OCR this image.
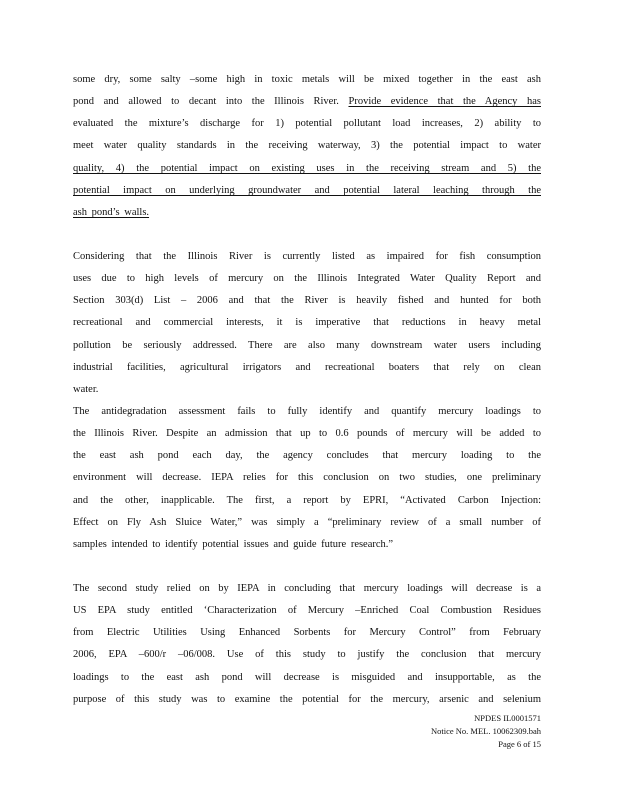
some dry, some salty –some high in toxic metals will be mixed together in the east ash
pond and allowed to decant into the Illinois River. Provide evidence that the Agency has
evaluated the mixture’s discharge for 1) potential pollutant load increases, 2) ability to
meet water quality standards in the receiving waterway, 3) the potential impact to water
quality, 4) the potential impact on existing uses in the receiving stream and 5) the
potential impact on underlying groundwater and potential lateral leaching through the
ash pond’s walls.
Considering that the Illinois River is currently listed as impaired for fish consumption
uses due to high levels of mercury on the Illinois Integrated Water Quality Report and
Section 303(d) List – 2006 and that the River is heavily fished and hunted for both
recreational and commercial interests, it is imperative that reductions in heavy metal
pollution be seriously addressed. There are also many downstream water users including
industrial facilities, agricultural irrigators and recreational boaters that rely on clean
water.
The antidegradation assessment fails to fully identify and quantify mercury loadings to
the Illinois River. Despite an admission that up to 0.6 pounds of mercury will be added to
the east ash pond each day, the agency concludes that mercury loading to the
environment will decrease. IEPA relies for this conclusion on two studies, one preliminary
and the other, inapplicable. The first, a report by EPRI, “Activated Carbon Injection:
Effect on Fly Ash Sluice Water,” was simply a “preliminary review of a small number of
samples intended to identify potential issues and guide future research.”
The second study relied on by IEPA in concluding that mercury loadings will decrease is a
US EPA study entitled ‘Characterization of Mercury –Enriched Coal Combustion Residues
from Electric Utilities Using Enhanced Sorbents for Mercury Control” from February
2006, EPA –600/r –06/008. Use of this study to justify the conclusion that mercury
loadings to the east ash pond will decrease is misguided and insupportable, as the
purpose of this study was to examine the potential for the mercury, arsenic and selenium
NPDES IL0001571
Notice No. MEL. 10062309.bah
Page 6 of 15
